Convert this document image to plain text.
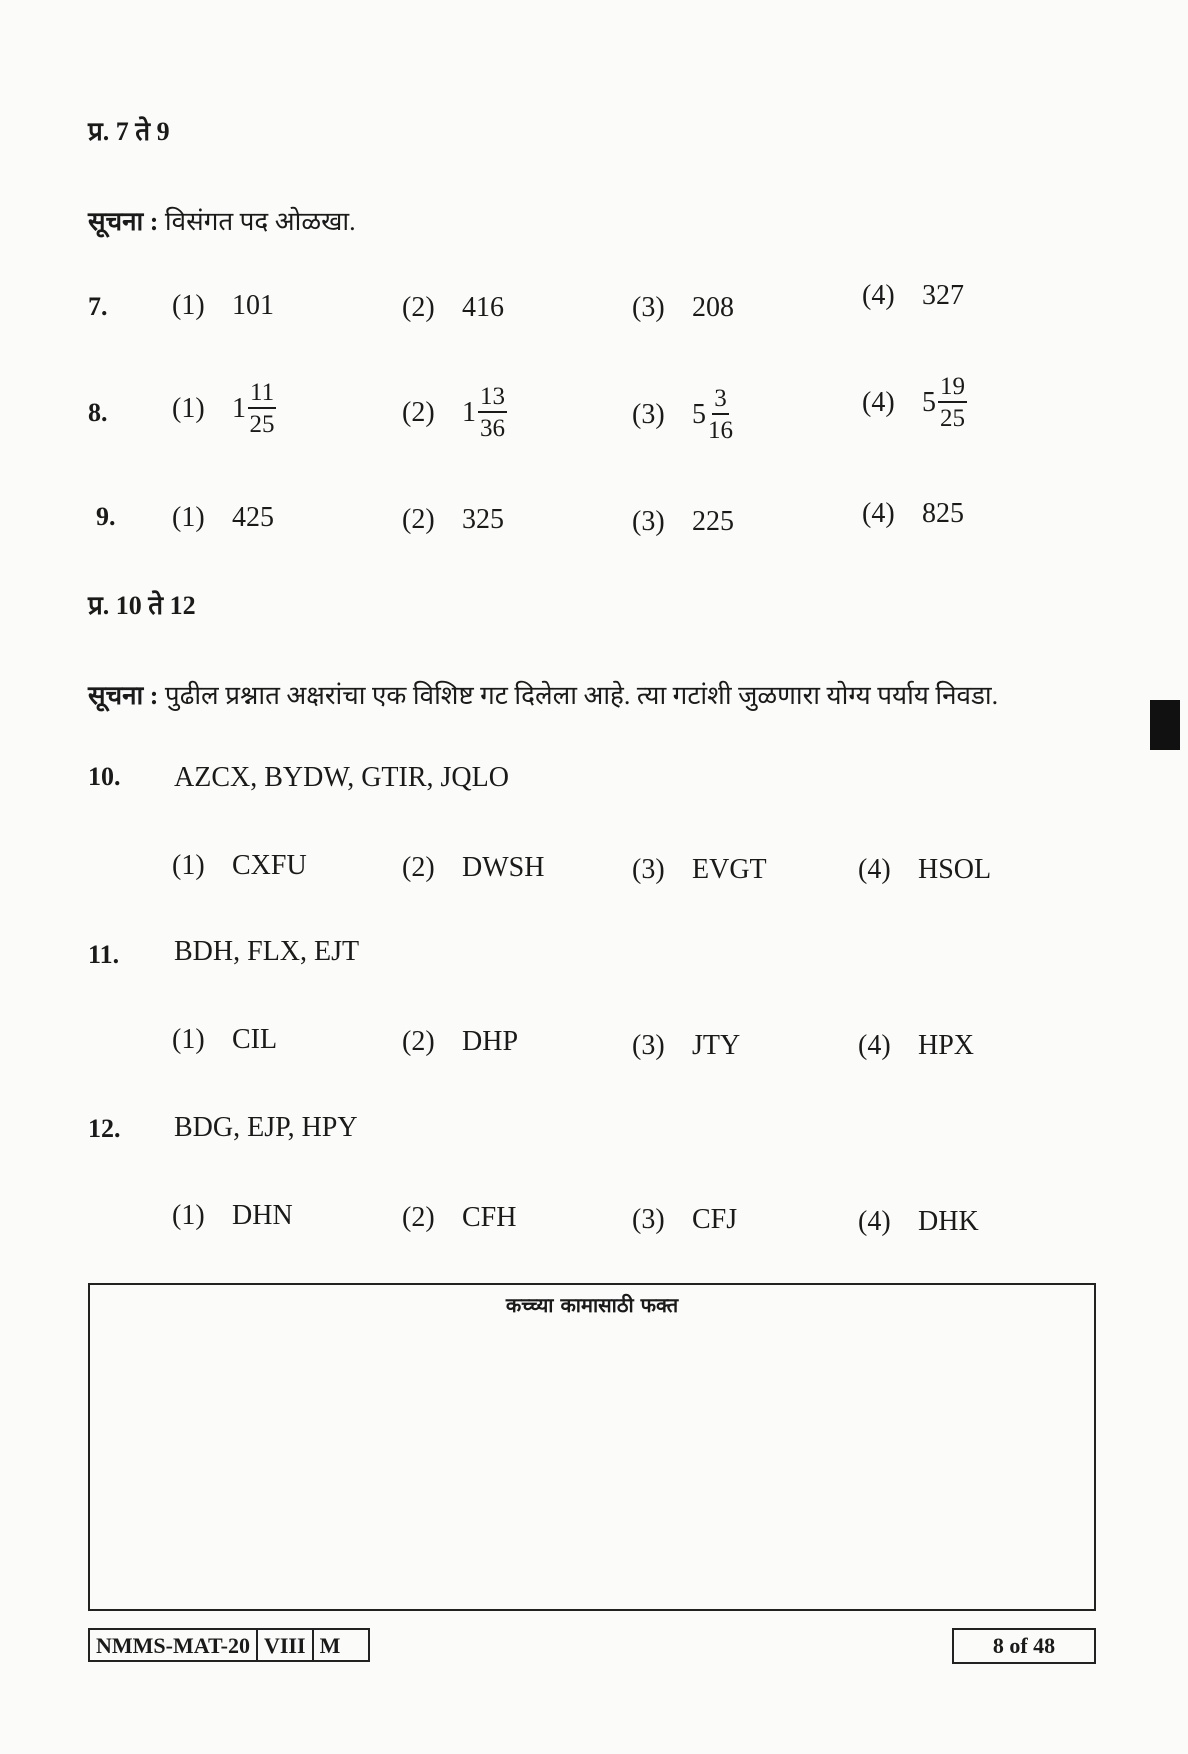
प्र. 7 ते 9
सूचना : विसंगत पद ओळखा.
7. (1) 101	(2) 416	(3) 208	(4) 327
8. (1) $1 \frac{11}{25}$	(2) $1 \frac{13}{36}$	(3) $5 \frac{3}{16}$	(4) $5 \frac{19}{25}$
9. (1) 425	(2) 325	(3) 225	(4) 825
प्र. 10 ते 12
सूचना : पुढील प्रश्नात अक्षरांचा एक विशिष्ट गट दिलेला आहे. त्या गटांशी जुळणारा योग्य पर्याय निवडा.
10. AZCX, BYDW, GTIR, JQLO
(1) CXFU	(2) DWSH	(3) EVGT	(4) HSOL
11. BDH, FLX, EJT
(1) CIL	(2) DHP	(3) JTY	(4) HPX
12. BDG, EJP, HPY
(1) DHN	(2) CFH	(3) CFJ	(4) DHK
कच्च्या कामासाठी फक्त
NMMS-MAT-20 VIII M	8 of 48
